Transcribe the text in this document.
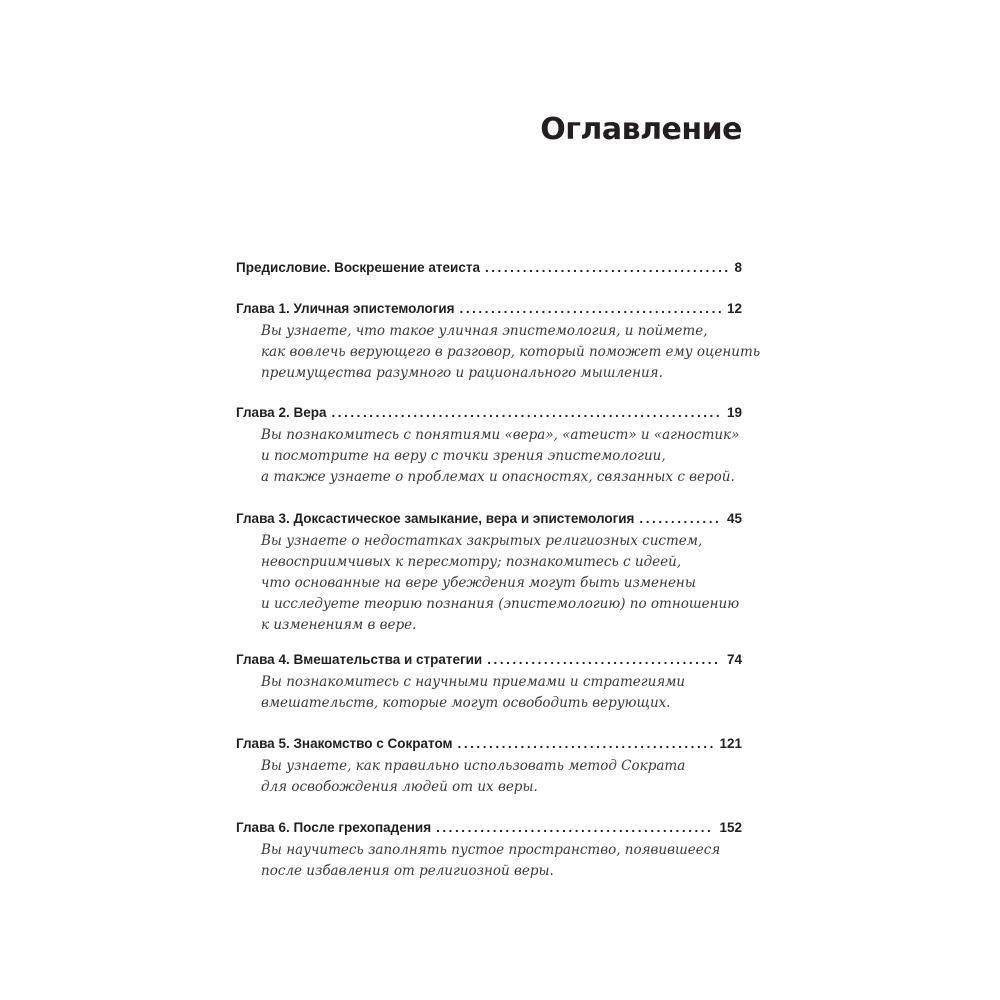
Оглавление
Предисловие. Воскрешение атеиста . . .	8
Глава 1. Уличная эпистемология . . .	12
Вы узнаете, что такое уличная эпистемология, и поймете,
как вовлечь верующего в разговор, который поможет ему оценить
преимущества разумного и рационального мышления.
Глава 2. Вера . . .	19
Вы познакомитесь с понятиями «вера», «атеист» и «агностик»
и посмотрите на веру с точки зрения эпистемологии,
а также узнаете о проблемах и опасностях, связанных с верой.
Глава 3. Доксастическое замыкание, вера и эпистемология . . .	45
Вы узнаете о недостатках закрытых религиозных систем,
невосприимчивых к пересмотру; познакомитесь с идеей,
что основанные на вере убеждения могут быть изменены
и исследуете теорию познания (эпистемологию) по отношению
к изменениям в вере.
Глава 4. Вмешательства и стратегии . . .	74
Вы познакомитесь с научными приемами и стратегиями
вмешательств, которые могут освободить верующих.
Глава 5. Знакомство с Сократом . . .	121
Вы узнаете, как правильно использовать метод Сократа
для освобождения людей от их веры.
Глава 6. После грехопадения . . .	152
Вы научитесь заполнять пустое пространство, появившееся
после избавления от религиозной веры.
